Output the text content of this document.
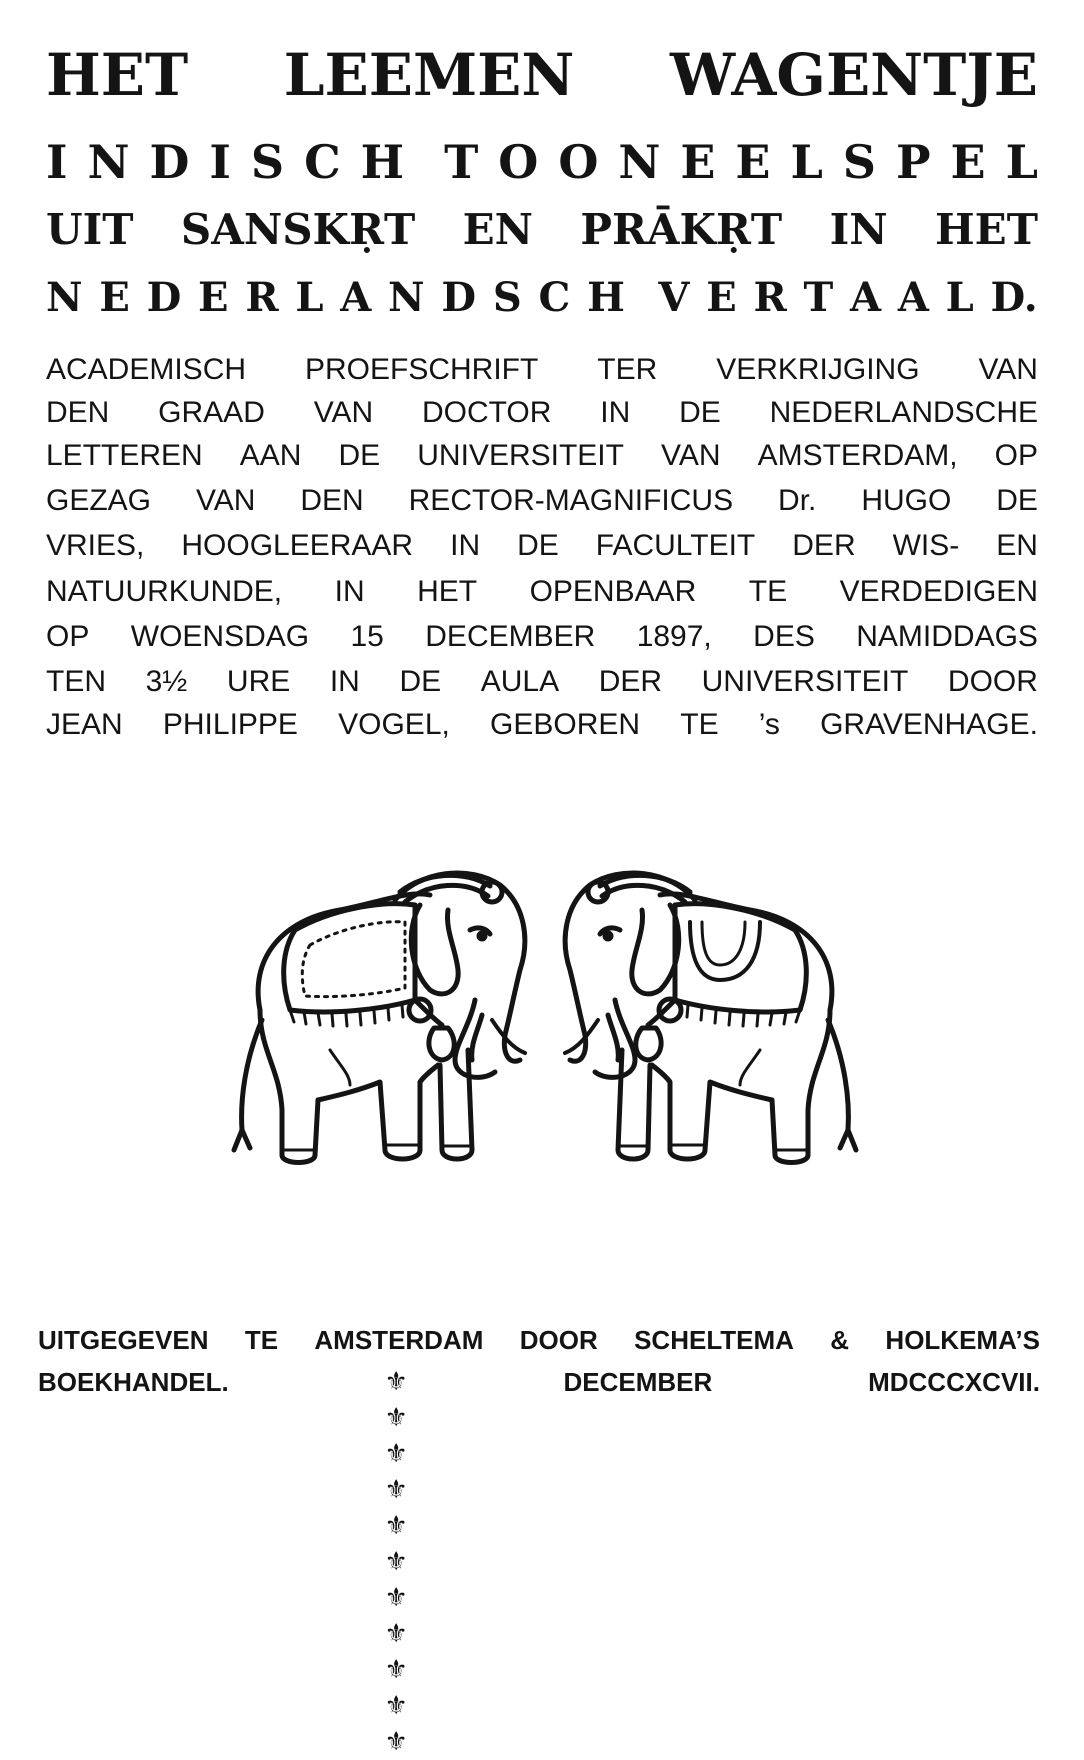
HET LEEMEN WAGENTJE
I N D I S C H T O O N E E L S P E L
UIT SANSKṚT EN PRĀKṚT IN HET
N E D E R L A N D S C H V E R T A A L D.
ACADEMISCH PROEFSCHRIFT TER VERKRIJGING VAN
DEN GRAAD VAN DOCTOR IN DE NEDERLANDSCHE
LETTEREN AAN DE UNIVERSITEIT VAN AMSTERDAM, OP
GEZAG VAN DEN RECTOR-MAGNIFICUS Dr. HUGO DE
VRIES, HOOGLEERAAR IN DE FACULTEIT DER WIS- EN
NATUURKUNDE, IN HET OPENBAAR TE VERDEDIGEN
OP WOENSDAG 15 DECEMBER 1897, DES NAMIDDAGS
TEN 3½ URE IN DE AULA DER UNIVERSITEIT DOOR
JEAN PHILIPPE VOGEL, GEBOREN TE ’s GRAVENHAGE.
UITGEGEVEN TE AMSTERDAM DOOR SCHELTEMA & HOLKEMA’S
BOEKHANDEL.	⚜
⚜
⚜
⚜
⚜
⚜
⚜
⚜
⚜
⚜
⚜
DECEMBER	MDCCCXCVII.
